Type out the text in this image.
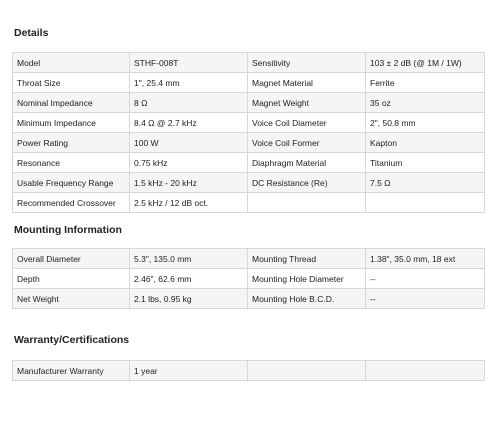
Details
Model	STHF-008T	Sensitivity	103 ± 2 dB (@ 1M / 1W)
Throat Size	1", 25.4 mm	Magnet Material	Ferrite
Nominal Impedance	8 Ω	Magnet Weight	35 oz
Minimum Impedance	8.4 Ω @ 2.7 kHz	Voice Coil Diameter	2", 50.8 mm
Power Rating	100 W	Voice Coil Former	Kapton
Resonance	0.75 kHz	Diaphragm Material	Titanium
Usable Frequency Range	1.5 kHz - 20 kHz	DC Resistance (Re)	7.5 Ω
Recommended Crossover	2.5 kHz / 12 dB oct.		
Mounting Information
Overall Diameter	5.3", 135.0 mm	Mounting Thread	1.38", 35.0 mm, 18 ext
Depth	2.46", 62.6 mm	Mounting Hole Diameter	--
Net Weight	2.1 lbs, 0.95 kg	Mounting Hole B.C.D.	--
Warranty/Certifications
Manufacturer Warranty	1 year		
